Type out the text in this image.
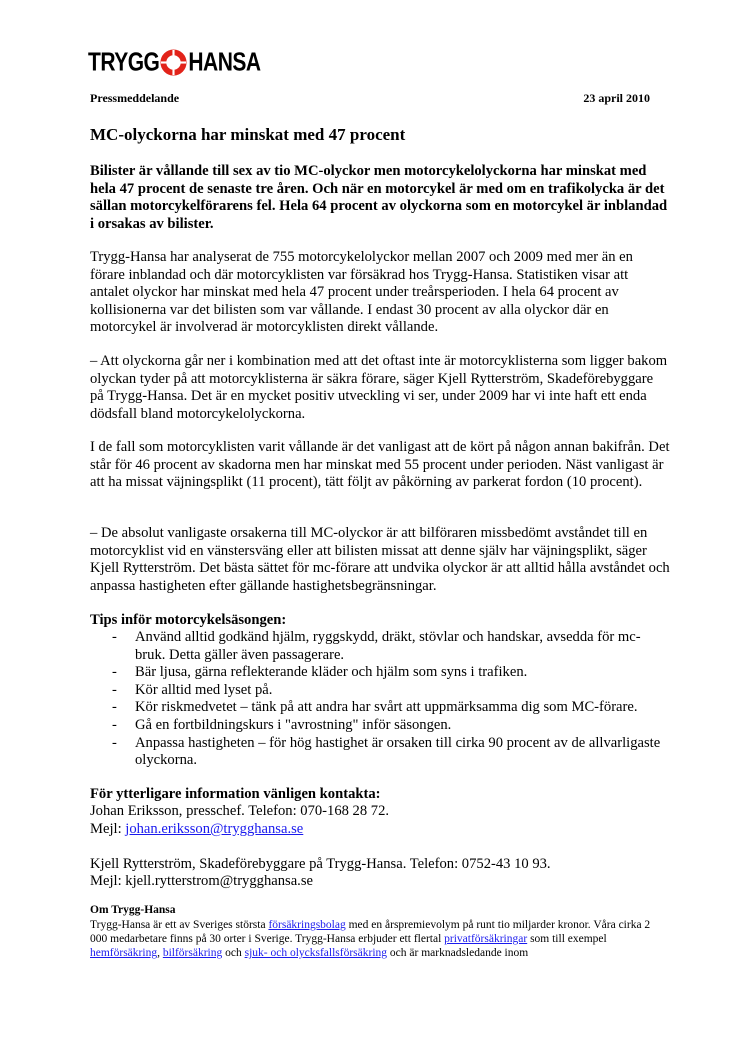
TRYGG HANSA
Pressmeddelande	23 april 2010
MC-olyckorna har minskat med 47 procent

Bilister är vållande till sex av tio MC-olyckor men motorcykelolyckorna har minskat med hela 47 procent de senaste tre åren. Och när en motorcykel är med om en trafikolycka är det sällan motorcykelförarens fel. Hela 64 procent av olyckorna som en motorcykel är inblandad i orsakas av bilister.

Trygg-Hansa har analyserat de 755 motorcykelolyckor mellan 2007 och 2009 med mer än en förare inblandad och där motorcyklisten var försäkrad hos Trygg-Hansa. Statistiken visar att antalet olyckor har minskat med hela 47 procent under treårsperioden. I hela 64 procent av kollisionerna var det bilisten som var vållande. I endast 30 procent av alla olyckor där en motorcykel är involverad är motorcyklisten direkt vållande.

– Att olyckorna går ner i kombination med att det oftast inte är motorcyklisterna som ligger bakom olyckan tyder på att motorcyklisterna är säkra förare, säger Kjell Rytterström, Skadeförebyggare på Trygg-Hansa. Det är en mycket positiv utveckling vi ser, under 2009 har vi inte haft ett enda dödsfall bland motorcykelolyckorna.

I de fall som motorcyklisten varit vållande är det vanligast att de kört på någon annan bakifrån. Det står för 46 procent av skadorna men har minskat med 55 procent under perioden. Näst vanligast är att ha missat väjningsplikt (11 procent), tätt följt av påkörning av parkerat fordon (10 procent).

– De absolut vanligaste orsakerna till MC-olyckor är att bilföraren missbedömt avståndet till en motorcyklist vid en vänstersväng eller att bilisten missat att denne själv har väjningsplikt, säger Kjell Rytterström. Det bästa sättet för mc-förare att undvika olyckor är att alltid hålla avståndet och anpassa hastigheten efter gällande hastighetsbegränsningar.

Tips inför motorcykelsäsongen:

- Använd alltid godkänd hjälm, ryggskydd, dräkt, stövlar och handskar, avsedda för mc-bruk. Detta gäller även passagerare.
- Bär ljusa, gärna reflekterande kläder och hjälm som syns i trafiken.
- Kör alltid med lyset på.
- Kör riskmedvetet – tänk på att andra har svårt att uppmärksamma dig som MC-förare.
- Gå en fortbildningskurs i "avrostning" inför säsongen.
- Anpassa hastigheten – för hög hastighet är orsaken till cirka 90 procent av de allvarligaste olyckorna.

För ytterligare information vänligen kontakta:

Johan Eriksson, presschef. Telefon: 070-168 28 72.

Mejl: johan.eriksson@trygghansa.se

Kjell Rytterström, Skadeförebyggare på Trygg-Hansa. Telefon: 0752-43 10 93.

Mejl: kjell.rytterstrom@trygghansa.se

Om Trygg-Hansa

Trygg-Hansa är ett av Sveriges största försäkringsbolag med en årspremievolym på runt tio miljarder kronor. Våra cirka 2 000 medarbetare finns på 30 orter i Sverige. Trygg-Hansa erbjuder ett flertal privatförsäkringar som till exempel hemförsäkring, bilförsäkring och sjuk- och olycksfallsförsäkring och är marknadsledande inom
